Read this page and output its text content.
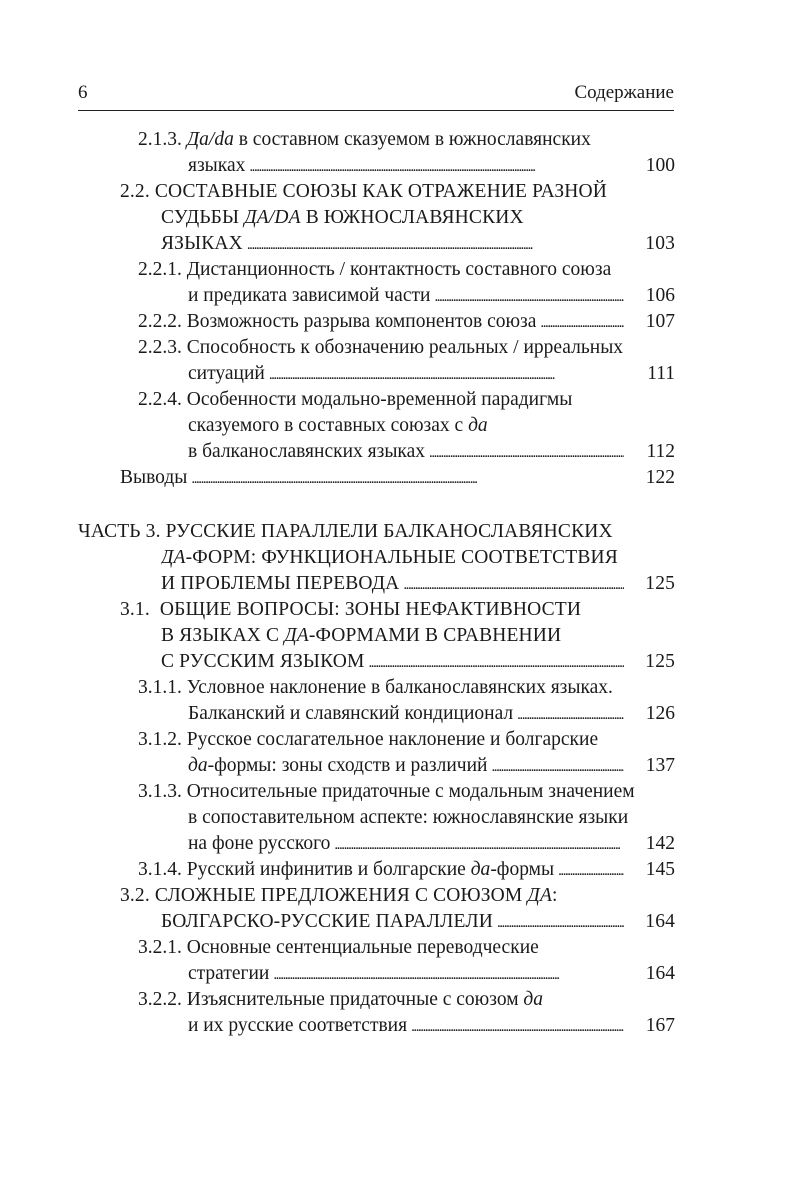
6	Содержание
2.1.3. Да/da в составном сказуемом в южнославянских
языках . . .	100
2.2. СОСТАВНЫЕ СОЮЗЫ КАК ОТРАЖЕНИЕ РАЗНОЙ
СУДЬБЫ ДА/DA В ЮЖНОСЛАВЯНСКИХ
ЯЗЫКАХ . . .	103
2.2.1. Дистанционность / контактность составного союза
и предиката зависимой части . . .	106
2.2.2. Возможность разрыва компонентов союза . . .	107
2.2.3. Способность к обозначению реальных / ирреальных
ситуаций . . .	111
2.2.4. Особенности модально-временной парадигмы
сказуемого в составных союзах с да
в балканославянских языках . . .	112
Выводы . . .	122
ЧАСТЬ 3. РУССКИЕ ПАРАЛЛЕЛИ БАЛКАНОСЛАВЯНСКИХ
ДА-ФОРМ: ФУНКЦИОНАЛЬНЫЕ СООТВЕТСТВИЯ
И ПРОБЛЕМЫ ПЕРЕВОДА . . .	125
3.1. ОБЩИЕ ВОПРОСЫ: ЗОНЫ НЕФАКТИВНОСТИ
В ЯЗЫКАХ С ДА-ФОРМАМИ В СРАВНЕНИИ
С РУССКИМ ЯЗЫКОМ . . .	125
3.1.1. Условное наклонение в балканославянских языках.
Балканский и славянский кондиционал . . .	126
3.1.2. Русское сослагательное наклонение и болгарские
да-формы: зоны сходств и различий . . .	137
3.1.3. Относительные придаточные с модальным значением
в сопоставительном аспекте: южнославянские языки
на фоне русского . . .	142
3.1.4. Русский инфинитив и болгарские да-формы . . .	145
3.2. СЛОЖНЫЕ ПРЕДЛОЖЕНИЯ С СОЮЗОМ ДА:
БОЛГАРСКО-РУССКИЕ ПАРАЛЛЕЛИ . . .	164
3.2.1. Основные сентенциальные переводческие
стратегии . . .	164
3.2.2. Изъяснительные придаточные с союзом да
и их русские соответствия . . .	167
